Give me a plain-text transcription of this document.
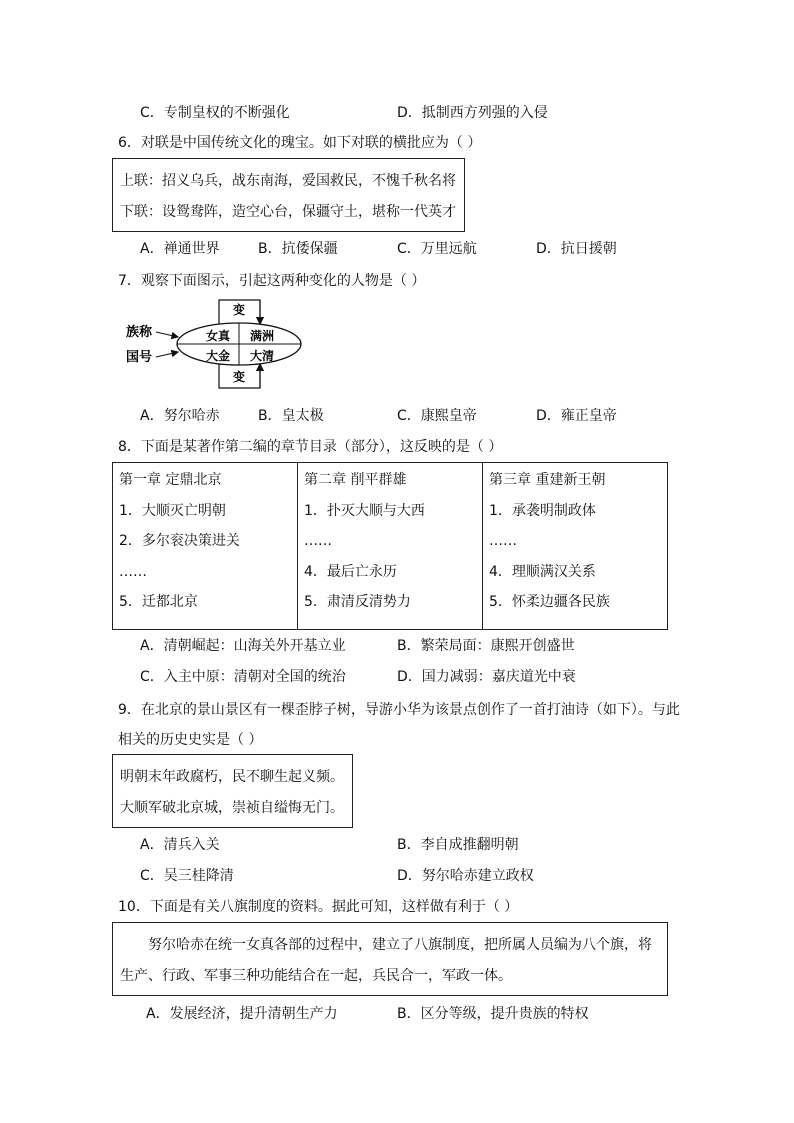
C．专制皇权的不断强化	D．抵制西方列强的入侵
6．对联是中国传统文化的瑰宝。如下对联的横批应为（ ）
上联：招义乌兵，战东南海，爱国救民，不愧千秋名将
下联：设鸳鸯阵，造空心台，保疆守土，堪称一代英才
A．禅通世界	B．抗倭保疆	C．万里远航	D．抗日援朝
7．观察下面图示，引起这两种变化的人物是（ ）
变
变
女真 满洲
大金 大清
族称
国号
A．努尔哈赤	B．皇太极	C．康熙皇帝	D．雍正皇帝
8．下面是某著作第二编的章节目录（部分），这反映的是（ ）
第一章 定鼎北京
1．大顺灭亡明朝
2．多尔衮决策进关
……
5．迁都北京

第二章 削平群雄
1．扑灭大顺与大西
……
4．最后亡永历
5．肃清反清势力

第三章 重建新王朝
1．承袭明制政体
……
4．理顺满汉关系
5．怀柔边疆各民族
A．清朝崛起：山海关外开基立业	B．繁荣局面：康熙开创盛世
C．入主中原：清朝对全国的统治	D．国力减弱：嘉庆道光中衰
9．在北京的景山景区有一棵歪脖子树，导游小华为该景点创作了一首打油诗（如下）。与此
相关的历史史实是（ ）
明朝末年政腐朽，民不聊生起义频。
大顺军破北京城，崇祯自缢悔无门。
A．清兵入关	B．李自成推翻明朝
C．吴三桂降清	D．努尔哈赤建立政权
10．下面是有关八旗制度的资料。据此可知，这样做有利于（ ）
努尔哈赤在统一女真各部的过程中，建立了八旗制度，把所属人员编为八个旗，将
生产、行政、军事三种功能结合在一起，兵民合一，军政一体。
A．发展经济，提升清朝生产力	B．区分等级，提升贵族的特权
